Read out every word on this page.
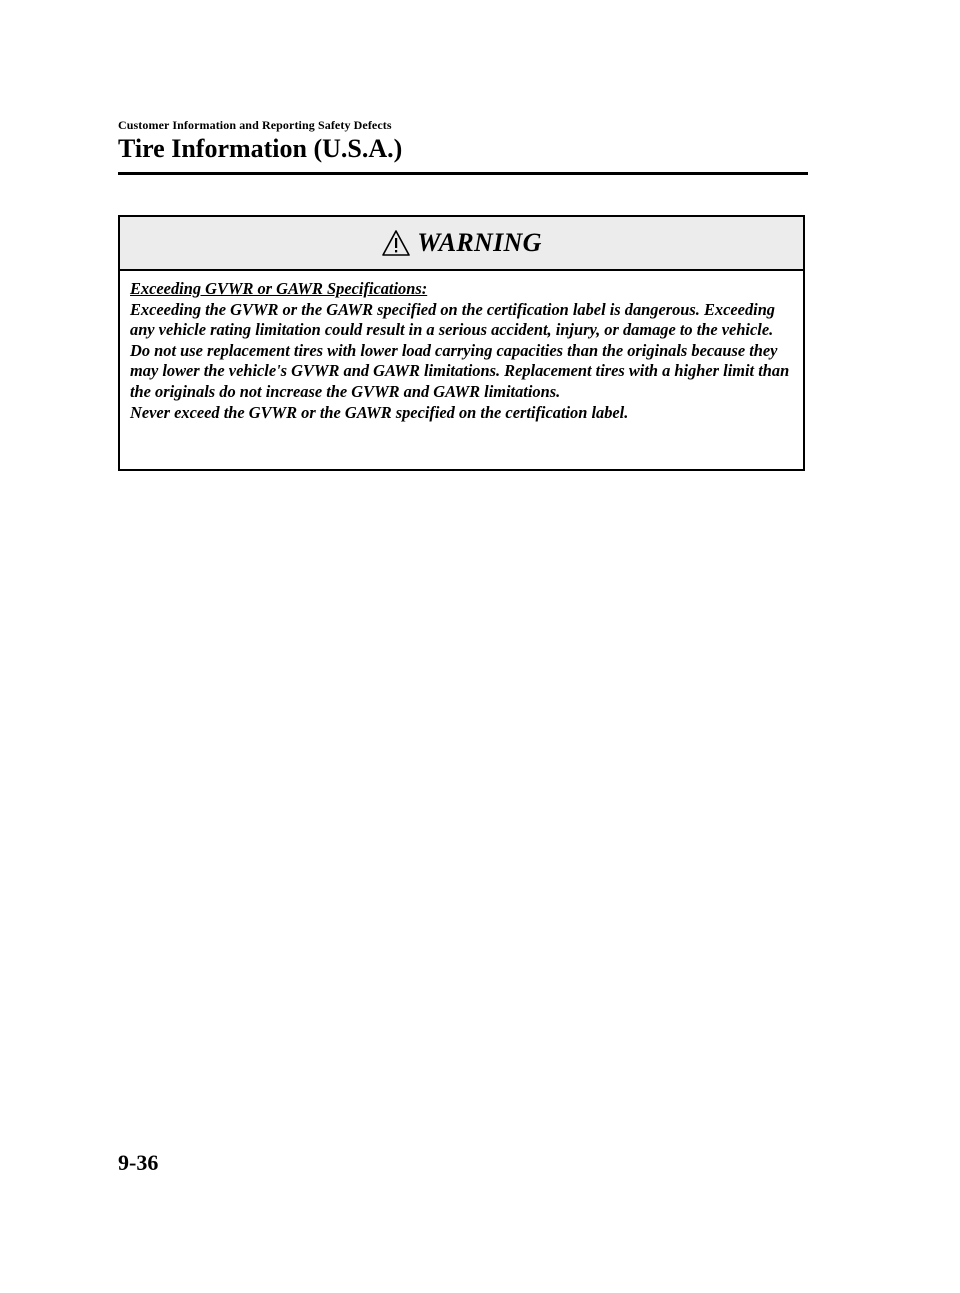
Customer Information and Reporting Safety Defects
Tire Information (U.S.A.)
WARNING

Exceeding GVWR or GAWR Specifications:

Exceeding the GVWR or the GAWR specified on the certification label is dangerous. Exceeding any vehicle rating limitation could result in a serious accident, injury, or damage to the vehicle.

Do not use replacement tires with lower load carrying capacities than the originals because they may lower the vehicle's GVWR and GAWR limitations. Replacement tires with a higher limit than the originals do not increase the GVWR and GAWR limitations.

Never exceed the GVWR or the GAWR specified on the certification label.

9-36
